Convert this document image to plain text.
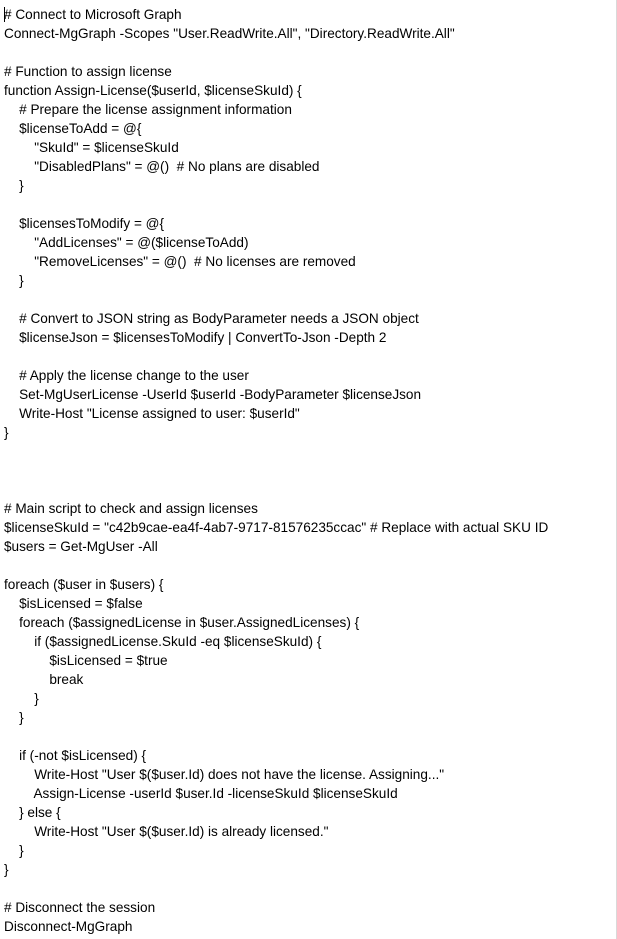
# Connect to Microsoft Graph
Connect-MgGraph -Scopes "User.ReadWrite.All", "Directory.ReadWrite.All"
# Function to assign license
function Assign-License($userId, $licenseSkuId) {
# Prepare the license assignment information
$licenseToAdd = @{
"SkuId" = $licenseSkuId
"DisabledPlans" = @()  # No plans are disabled
}
$licensesToModify = @{
"AddLicenses" = @($licenseToAdd)
"RemoveLicenses" = @()  # No licenses are removed
}
# Convert to JSON string as BodyParameter needs a JSON object
$licenseJson = $licensesToModify | ConvertTo-Json -Depth 2
# Apply the license change to the user
Set-MgUserLicense -UserId $userId -BodyParameter $licenseJson
Write-Host "License assigned to user: $userId"
}
# Main script to check and assign licenses
$licenseSkuId = "c42b9cae-ea4f-4ab7-9717-81576235ccac" # Replace with actual SKU ID
$users = Get-MgUser -All
foreach ($user in $users) {
$isLicensed = $false
foreach ($assignedLicense in $user.AssignedLicenses) {
if ($assignedLicense.SkuId -eq $licenseSkuId) {
$isLicensed = $true
break
}
}
if (-not $isLicensed) {
Write-Host "User $($user.Id) does not have the license. Assigning..."
Assign-License -userId $user.Id -licenseSkuId $licenseSkuId
} else {
Write-Host "User $($user.Id) is already licensed."
}
}
# Disconnect the session
Disconnect-MgGraph
